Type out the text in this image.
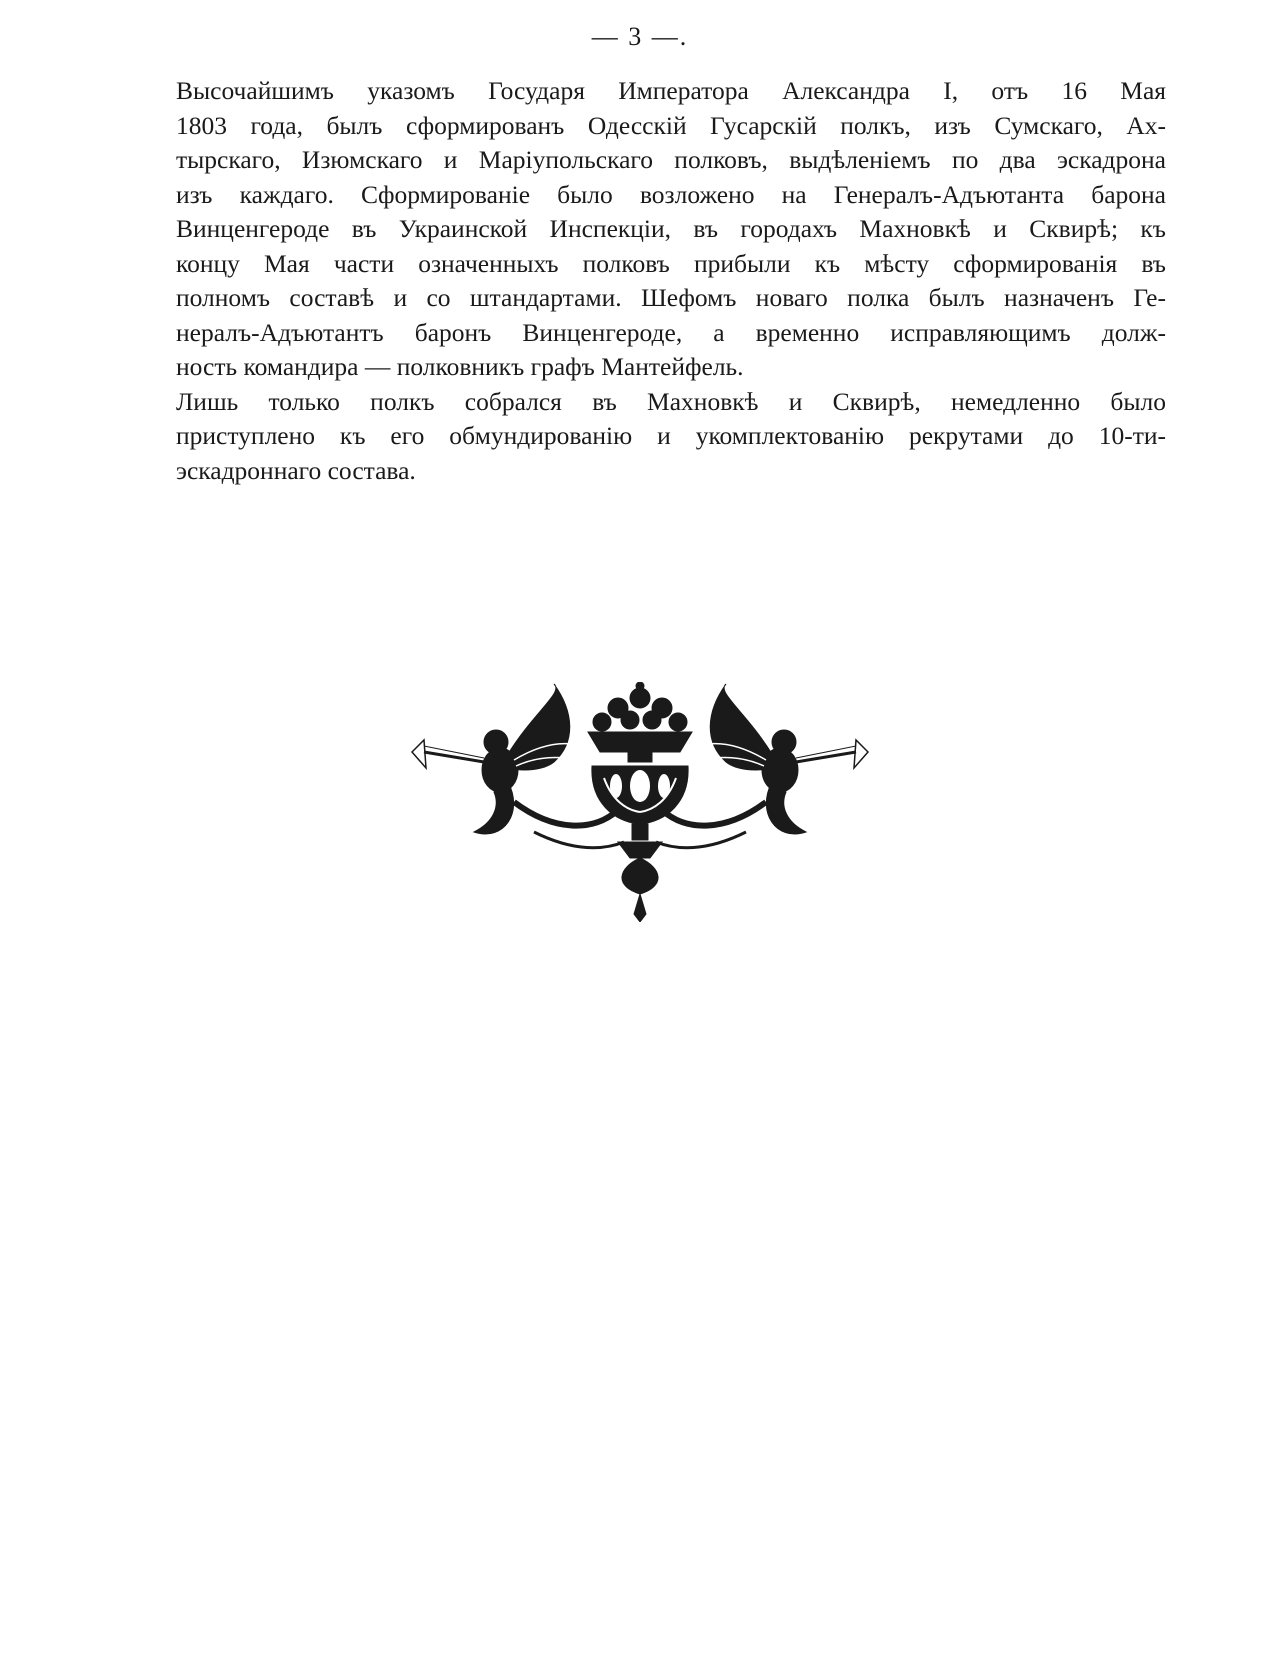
— 3 —.

Высочайшимъ указомъ Государя Императора Александра I, отъ 16 Мая
1803 года, былъ сформированъ Одесскій Гусарскій полкъ, изъ Сумскаго, Ах-
тырскаго, Изюмскаго и Маріупольскаго полковъ, выдѣленіемъ по два эскадрона
изъ каждаго. Сформированіе было возложено на Генералъ-Адъютанта барона
Винценгероде въ Украинской Инспекціи, въ городахъ Махновкѣ и Сквирѣ; къ
концу Мая части означенныхъ полковъ прибыли къ мѣсту сформированія въ
полномъ составѣ и со штандартами. Шефомъ новаго полка былъ назначенъ Ге-
нералъ-Адъютантъ баронъ Винценгероде, а временно исправляющимъ долж-
ность командира — полковникъ графъ Мантейфель.

Лишь только полкъ собрался въ Махновкѣ и Сквирѣ, немедленно было
приступлено къ его обмундированію и укомплектованію рекрутами до 10-ти-
эскадроннаго состава.
